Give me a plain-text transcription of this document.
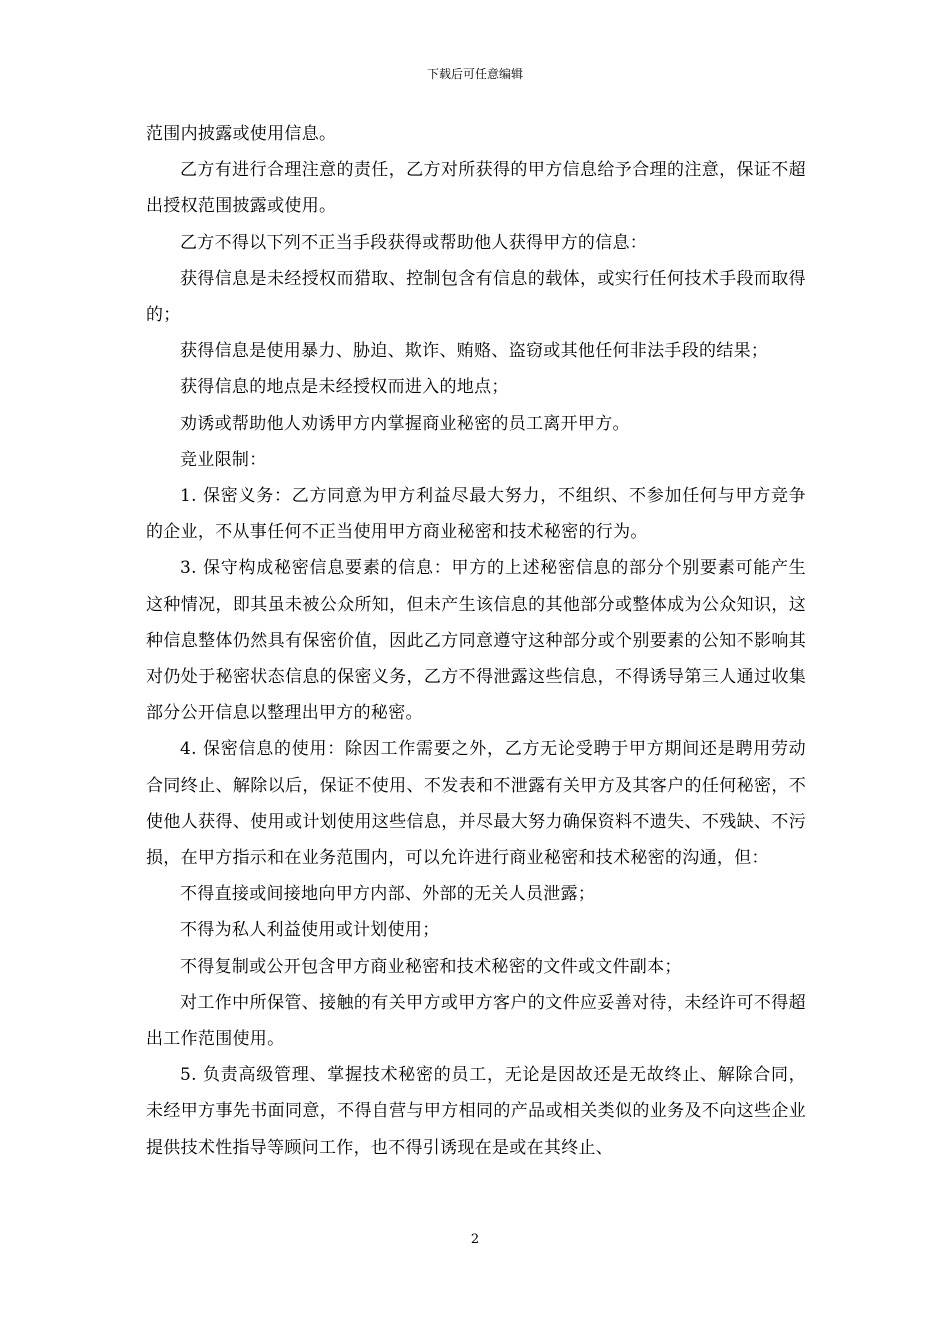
下载后可任意编辑

范围内披露或使用信息。

乙方有进行合理注意的责任，乙方对所获得的甲方信息给予合理的注意，保证不超出授权范围披露或使用。

乙方不得以下列不正当手段获得或帮助他人获得甲方的信息：

获得信息是未经授权而猎取、控制包含有信息的载体，或实行任何技术手段而取得的；

获得信息是使用暴力、胁迫、欺诈、贿赂、盗窃或其他任何非法手段的结果；

获得信息的地点是未经授权而进入的地点；

劝诱或帮助他人劝诱甲方内掌握商业秘密的员工离开甲方。

竞业限制：

1. 保密义务：乙方同意为甲方利益尽最大努力，不组织、不参加任何与甲方竞争的企业，不从事任何不正当使用甲方商业秘密和技术秘密的行为。

3. 保守构成秘密信息要素的信息：甲方的上述秘密信息的部分个别要素可能产生这种情况，即其虽未被公众所知，但未产生该信息的其他部分或整体成为公众知识，这种信息整体仍然具有保密价值，因此乙方同意遵守这种部分或个别要素的公知不影响其对仍处于秘密状态信息的保密义务，乙方不得泄露这些信息，不得诱导第三人通过收集部分公开信息以整理出甲方的秘密。

4. 保密信息的使用：除因工作需要之外，乙方无论受聘于甲方期间还是聘用劳动合同终止、解除以后，保证不使用、不发表和不泄露有关甲方及其客户的任何秘密，不使他人获得、使用或计划使用这些信息，并尽最大努力确保资料不遗失、不残缺、不污损，在甲方指示和在业务范围内，可以允许进行商业秘密和技术秘密的沟通，但：

不得直接或间接地向甲方内部、外部的无关人员泄露；

不得为私人利益使用或计划使用；

不得复制或公开包含甲方商业秘密和技术秘密的文件或文件副本；

对工作中所保管、接触的有关甲方或甲方客户的文件应妥善对待，未经许可不得超出工作范围使用。

5. 负责高级管理、掌握技术秘密的员工，无论是因故还是无故终止、解除合同，未经甲方事先书面同意，不得自营与甲方相同的产品或相关类似的业务及不向这些企业提供技术性指导等顾问工作，也不得引诱现在是或在其终止、

2
